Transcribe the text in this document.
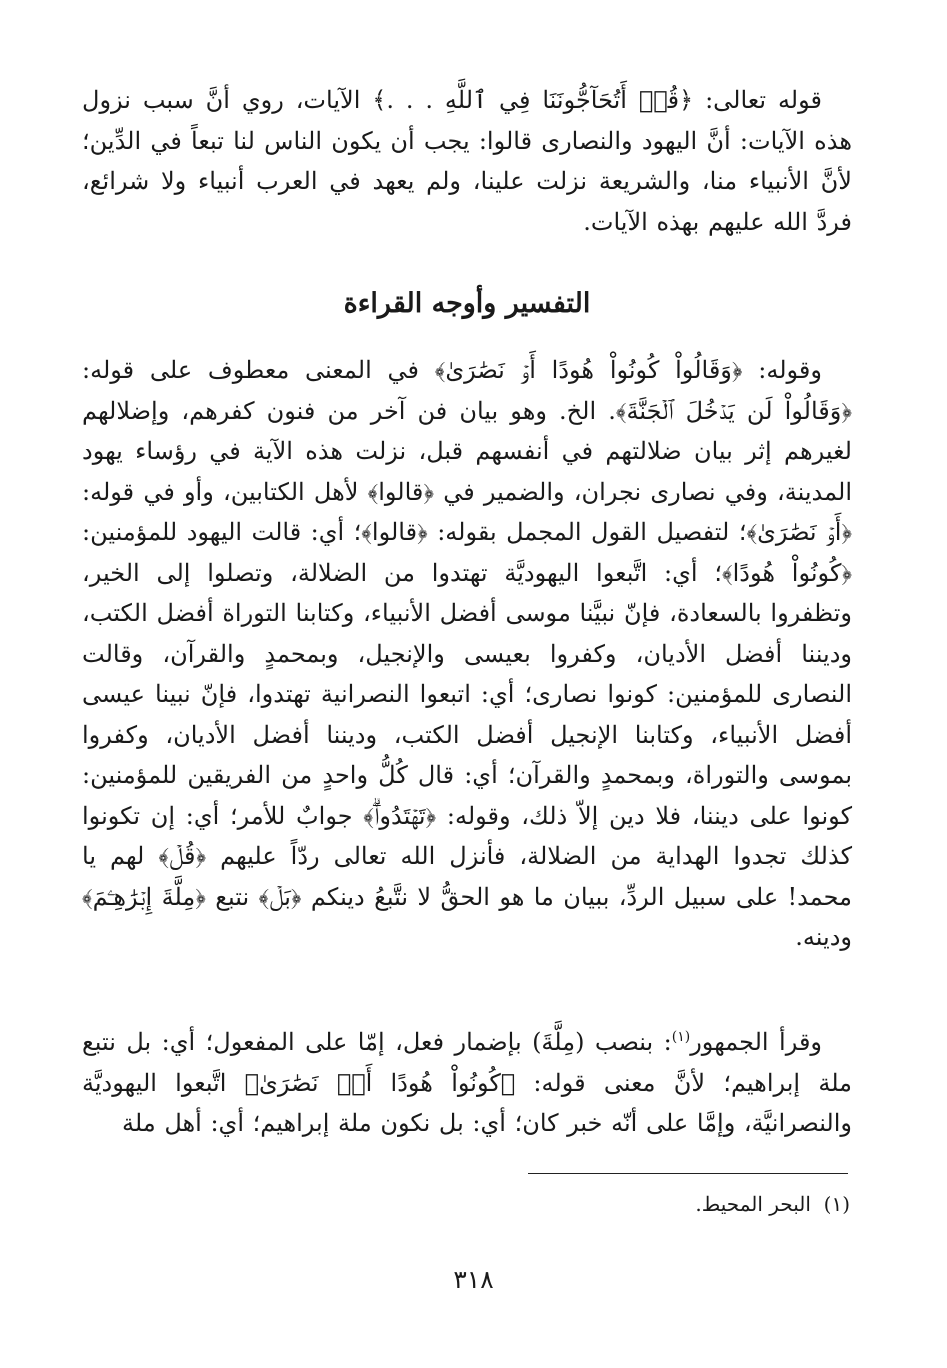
قوله تعالى: ﴿قُلۡ أَتُحَآجُّونَنَا فِي ٱللَّهِ . . .﴾ الآيات، روي أنَّ سبب نزول هذه الآيات: أنَّ اليهود والنصارى قالوا: يجب أن يكون الناس لنا تبعاً في الدِّين؛ لأنَّ الأنبياء منا، والشريعة نزلت علينا، ولم يعهد في العرب أنبياء ولا شرائع، فردَّ الله عليهم بهذه الآيات.

التفسير وأوجه القراءة

وقوله: ﴿وَقَالُواْ كُونُواْ هُودًا أَوۡ نَصَٰرَىٰ﴾ في المعنى معطوف على قوله: ﴿وَقَالُواْ لَن يَدۡخُلَ ٱلۡجَنَّةَ﴾. الخ. وهو بيان فن آخر من فنون كفرهم، وإضلالهم لغيرهم إثر بيان ضلالتهم في أنفسهم قبل، نزلت هذه الآية في رؤساء يهود المدينة، وفي نصارى نجران، والضمير في ﴿قالوا﴾ لأهل الكتابين، وأو في قوله: ﴿أَوۡ نَصَٰرَىٰ﴾؛ لتفصيل القول المجمل بقوله: ﴿قالوا﴾؛ أي: قالت اليهود للمؤمنين: ﴿كُونُواْ هُودًا﴾؛ أي: اتَّبعوا اليهوديَّة تهتدوا من الضلالة، وتصلوا إلى الخير، وتظفروا بالسعادة، فإنّ نبيَّنا موسى أفضل الأنبياء، وكتابنا التوراة أفضل الكتب، وديننا أفضل الأديان، وكفروا بعيسى والإنجيل، وبمحمدٍ والقرآن، وقالت النصارى للمؤمنين: كونوا نصارى؛ أي: اتبعوا النصرانية تهتدوا، فإنّ نبينا عيسى أفضل الأنبياء، وكتابنا الإنجيل أفضل الكتب، وديننا أفضل الأديان، وكفروا بموسى والتوراة، وبمحمدٍ والقرآن؛ أي: قال كُلُّ واحدٍ من الفريقين للمؤمنين: كونوا على ديننا، فلا دين إلاّ ذلك، وقوله: ﴿تَهۡتَدُواْۗ﴾ جوابٌ للأمر؛ أي: إن تكونوا كذلك تجدوا الهداية من الضلالة، فأنزل الله تعالى ردّاً عليهم ﴿قُلۡ﴾ لهم يا محمد! على سبيل الردِّ، ببيان ما هو الحقُّ لا نتَّبعُ دينكم ﴿بَلۡ﴾ نتبع ﴿مِلَّةَ إِبۡرَٰهِـۧمَ﴾ ودينه.

وقرأ الجمهور$^{(١)}$: بنصب (مِلَّةَ) بإضمار فعل، إمّا على المفعول؛ أي: بل نتبع ملة إبراهيم؛ لأنَّ معنى قوله: ﴿كُونُواْ هُودًا أَوۡ نَصَٰرَىٰ﴾ اتَّبعوا اليهوديَّة والنصرانيَّة، وإمَّا على أنّه خبر كان؛ أي: بل نكون ملة إبراهيم؛ أي: أهل ملة

(١)  البحر المحيط.

٣١٨
